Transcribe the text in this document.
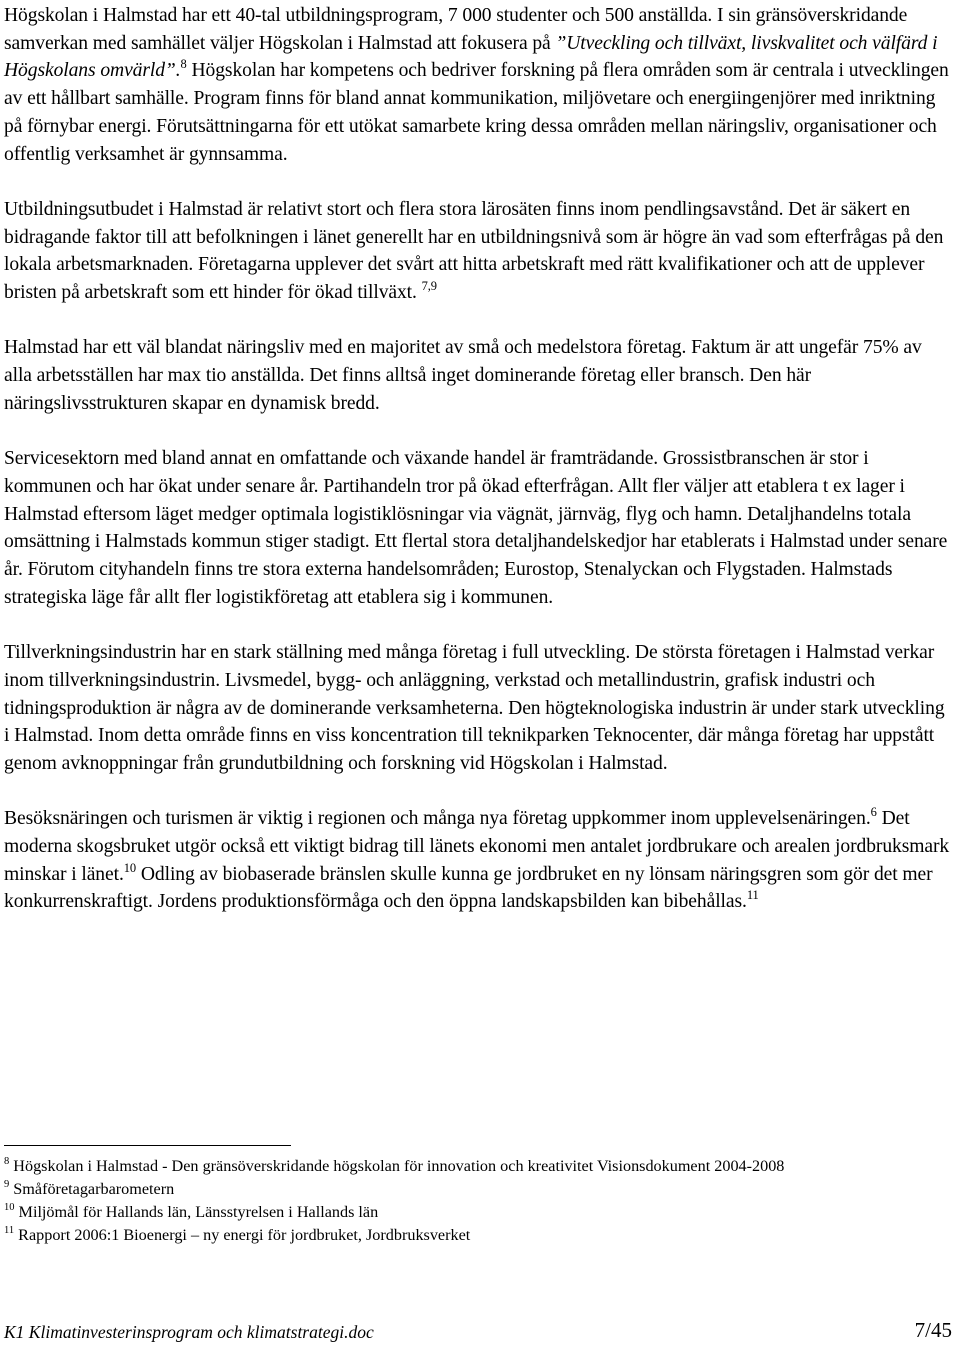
Högskolan i Halmstad har ett 40-tal utbildningsprogram, 7 000 studenter och 500 anställda. I sin gränsöverskridande samverkan med samhället väljer Högskolan i Halmstad att fokusera på ”Utveckling och tillväxt, livskvalitet och välfärd i Högskolans omvärld”.$^8$ Högskolan har kompetens och bedriver forskning på flera områden som är centrala i utvecklingen av ett hållbart samhälle. Program finns för bland annat kommunikation, miljövetare och energiingenjörer med inriktning på förnybar energi. Förutsättningarna för ett utökat samarbete kring dessa områden mellan näringsliv, organisationer och offentlig verksamhet är gynnsamma.

Utbildningsutbudet i Halmstad är relativt stort och flera stora lärosäten finns inom pendlingsavstånd. Det är säkert en bidragande faktor till att befolkningen i länet generellt har en utbildningsnivå som är högre än vad som efterfrågas på den lokala arbetsmarknaden. Företagarna upplever det svårt att hitta arbetskraft med rätt kvalifikationer och att de upplever bristen på arbetskraft som ett hinder för ökad tillväxt. $^{7,9}$

Halmstad har ett väl blandat näringsliv med en majoritet av små och medelstora företag. Faktum är att ungefär 75% av alla arbetsställen har max tio anställda. Det finns alltså inget dominerande företag eller bransch. Den här näringslivsstrukturen skapar en dynamisk bredd.

Servicesektorn med bland annat en omfattande och växande handel är framträdande. Grossistbranschen är stor i kommunen och har ökat under senare år. Partihandeln tror på ökad efterfrågan. Allt fler väljer att etablera t ex lager i Halmstad eftersom läget medger optimala logistiklösningar via vägnät, järnväg, flyg och hamn. Detaljhandelns totala omsättning i Halmstads kommun stiger stadigt. Ett flertal stora detaljhandelskedjor har etablerats i Halmstad under senare år. Förutom cityhandeln finns tre stora externa handelsområden; Eurostop, Stenalyckan och Flygstaden. Halmstads strategiska läge får allt fler logistikföretag att etablera sig i kommunen.

Tillverkningsindustrin har en stark ställning med många företag i full utveckling. De största företagen i Halmstad verkar inom tillverkningsindustrin. Livsmedel, bygg- och anläggning, verkstad och metallindustrin, grafisk industri och tidningsproduktion är några av de dominerande verksamheterna. Den högteknologiska industrin är under stark utveckling i Halmstad. Inom detta område finns en viss koncentration till teknikparken Teknocenter, där många företag har uppstått genom avknoppningar från grundutbildning och forskning vid Högskolan i Halmstad.

Besöksnäringen och turismen är viktig i regionen och många nya företag uppkommer inom upplevelsenäringen.$^6$ Det moderna skogsbruket utgör också ett viktigt bidrag till länets ekonomi men antalet jordbrukare och arealen jordbruksmark minskar i länet.$^{10}$ Odling av biobaserade bränslen skulle kunna ge jordbruket en ny lönsam näringsgren som gör det mer konkurrenskraftigt. Jordens produktionsförmåga och den öppna landskapsbilden kan bibehållas.$^{11}$

$^8$ Högskolan i Halmstad - Den gränsöverskridande högskolan för innovation och kreativitet Visionsdokument 2004-2008

$^9$ Småföretagarbarometern

$^{10}$ Miljömål för Hallands län, Länsstyrelsen i Hallands län

$^{11}$ Rapport 2006:1 Bioenergi – ny energi för jordbruket, Jordbruksverket

K1 Klimatinvesterinsprogram och klimatstrategi.doc	7/45
